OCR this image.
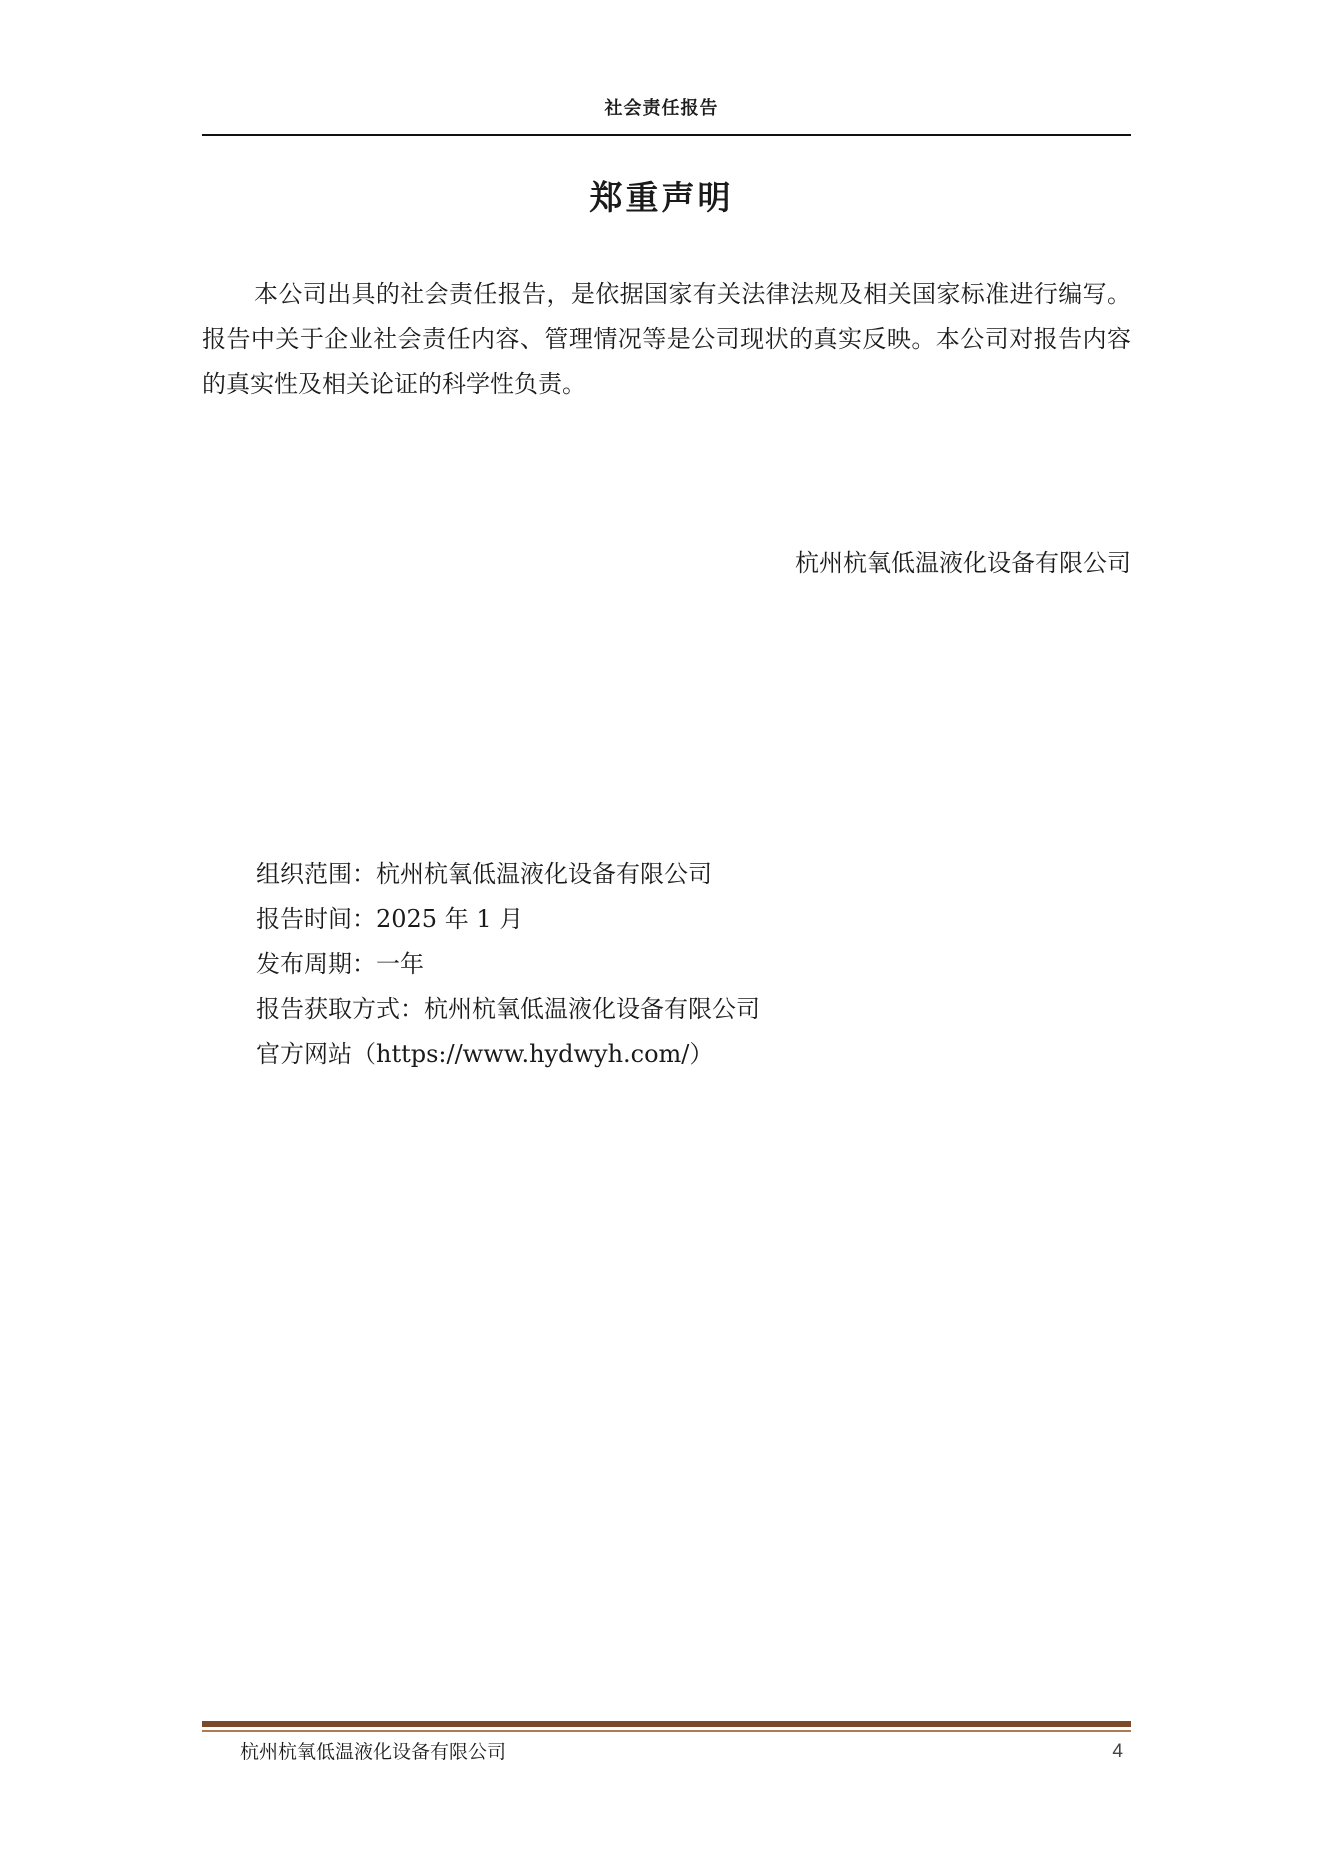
社会责任报告
郑重声明

本公司出具的社会责任报告，是依据国家有关法律法规及相关国家标准进行编写。报告中关于企业社会责任内容、管理情况等是公司现状的真实反映。本公司对报告内容的真实性及相关论证的科学性负责。

杭州杭氧低温液化设备有限公司
组织范围：杭州杭氧低温液化设备有限公司
报告时间：2025 年 1 月
发布周期：一年
报告获取方式：杭州杭氧低温液化设备有限公司
官方网站（https://www.hydwyh.com/）
杭州杭氧低温液化设备有限公司	4
